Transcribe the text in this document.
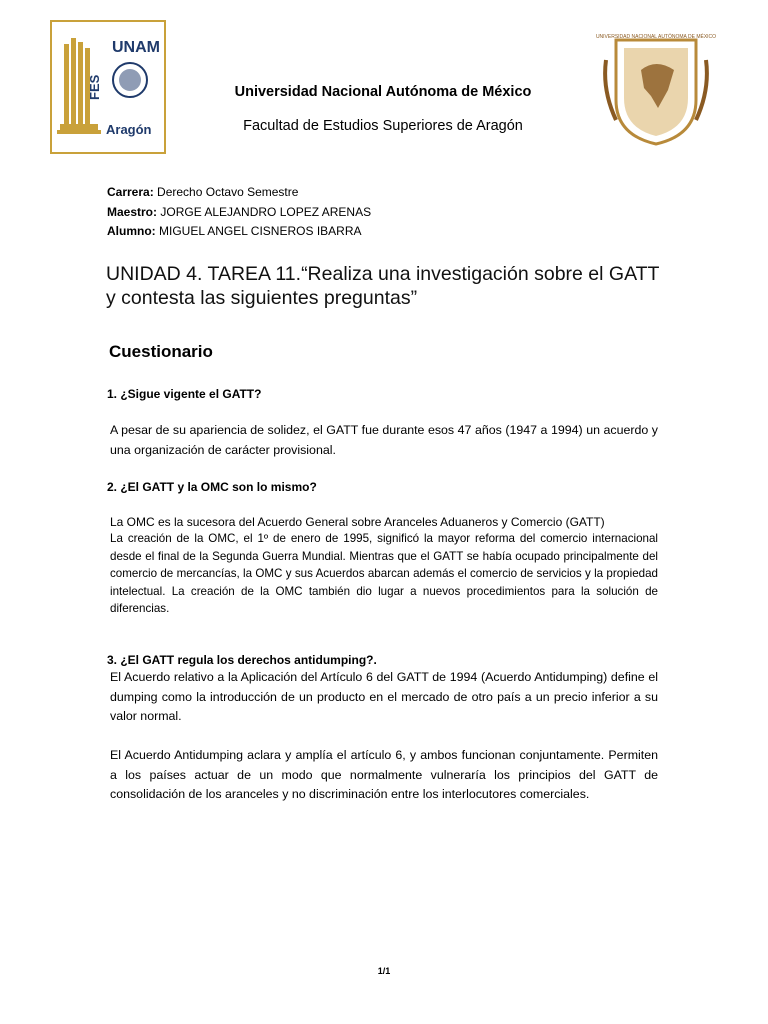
UNAM
FES
Aragón
UNIVERSIDAD NACIONAL AUTÓNOMA DE MÉXICO
Universidad Nacional Autónoma de México
Facultad de Estudios Superiores de Aragón
Carrera: Derecho Octavo Semestre
Maestro: JORGE ALEJANDRO LOPEZ ARENAS
Alumno: MIGUEL ANGEL CISNEROS IBARRA
UNIDAD 4. TAREA 11.“Realiza una investigación sobre el GATT y contesta las siguientes preguntas”
Cuestionario
1. ¿Sigue vigente el GATT?
A pesar de su apariencia de solidez, el GATT fue durante esos 47 años (1947 a 1994) un acuerdo y una organización de carácter provisional.
2. ¿El GATT y la OMC son lo mismo?
La OMC es la sucesora del Acuerdo General sobre Aranceles Aduaneros y Comercio (GATT)
La creación de la OMC, el 1º de enero de 1995, significó la mayor reforma del comercio internacional desde el final de la Segunda Guerra Mundial. Mientras que el GATT se había ocupado principalmente del comercio de mercancías, la OMC y sus Acuerdos abarcan además el comercio de servicios y la propiedad intelectual. La creación de la OMC también dio lugar a nuevos procedimientos para la solución de diferencias.
3. ¿El GATT regula los derechos antidumping?.
El Acuerdo relativo a la Aplicación del Artículo 6 del GATT de 1994 (Acuerdo Antidumping) define el dumping como la introducción de un producto en el mercado de otro país a un precio inferior a su valor normal.
El Acuerdo Antidumping aclara y amplía el artículo 6, y ambos funcionan conjuntamente. Permiten a los países actuar de un modo que normalmente vulneraría los principios del GATT de consolidación de los aranceles y no discriminación entre los interlocutores comerciales.
1/1
